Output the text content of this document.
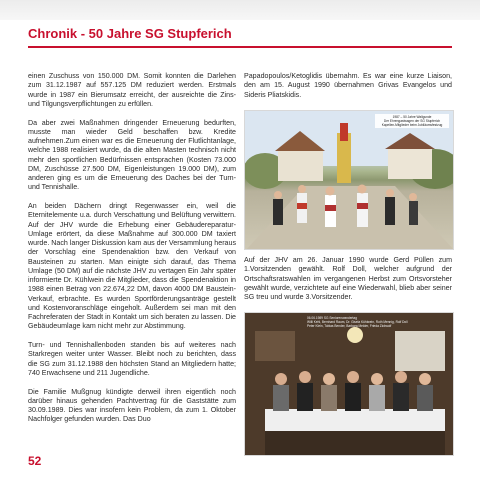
Chronik - 50 Jahre SG Stupferich

einen Zuschuss von 150.000 DM. Somit konnten die Darlehen zum 31.12.1987 auf 557.125 DM reduziert werden. Erstmals wurde in 1987 ein Bierumsatz erreicht, der ausreichte die Zins- und Tilgungsverpflichtungen zu erfüllen.

Da aber zwei Maßnahmen dringender Erneuerung bedurften, musste man wieder Geld beschaffen bzw. Kredite aufnehmen.Zum einen war es die Erneuerung der Flutlichtanlage, welche 1988 realisiert wurde, da die alten Masten technisch nicht mehr den sportlichen Bedürfnissen entsprachen (Kosten 73.000 DM, Zuschüsse 27.500 DM, Eigenleistungen 19.000 DM), zum anderen ging es um die Erneuerung des Daches bei der Turn- und Tennishalle.

An beiden Dächern dringt Regenwasser ein, weil die Eternitelemente u.a. durch Verschattung und Belüftung verwittern. Auf der JHV wurde die Erhebung einer Gebäudereparatur-Umlage erörtert, da diese Maßnahme auf 300.000 DM taxiert wurde. Nach langer Diskussion kam aus der Versammlung heraus der Vorschlag eine Spendenaktion bzw. den Verkauf von Bausteinen zu starten. Man einigte sich darauf, das Thema Umlage (50 DM) auf die nächste JHV zu vertagen Ein Jahr später informierte Dr. Kühlwein die Mitglieder, dass die Spendenaktion in 1988 einen Betrag von 22.674,22 DM, davon 4000 DM Baustein-Verkauf, erbrachte. Es wurden Sportförderungsanträge gestellt und Kostenvoranschläge eingeholt. Außerdem sei man mit den Fachreferaten der Stadt in Kontakt um sich beraten zu lassen. Die Gebäudeumlage kam nicht mehr zur Abstimmung.

Turn- und Tennishallenboden standen bis auf weiteres nach Starkregen weiter unter Wasser. Bleibt noch zu berichten, dass die SG zum 31.12.1988 den höchsten Stand an Mitgliedern hatte; 740 Erwachsene und 211 Jugendliche.

Die Familie Mußgnug kündigte derweil ihren eigentlich noch darüber hinaus gehenden Pachtvertrag für die Gaststätte zum 30.09.1989. Dies war insofern kein Problem, da zum 1. Oktober Nachfolger gefunden wurden. Das Duo

Papadopoulos/Ketoglidis übernahm. Es war eine kurze Liaison, den am 15. August 1990 übernahmen Grivas Evangelos und Sideris Pliatskidis.

1987 – 50 Jahre Wallgunde
Der Ehrengastwagen der SG Stupferich
Kapellen-Mitglieder beim Jubiläumsfestzug

Auf der JHV am 26. Januar 1990 wurde Gerd Püllen zum 1.Vorsitzenden gewählt. Rolf Doll, welcher aufgrund der Ortschaftsratswahlen im vergangenen Herbst zum Ortsvorsteher gewählt wurde, verzichtete auf eine Wiederwahl, blieb aber seiner SG treu und wurde 3.Vorsitzender.

06.06.1989 SG Seniorenwandertag
Willi Kehl, Bernhard Raum, Dr. Gisela Kühlwein, Ruth Mennig, Rolf Doll
Peter Klein, Tobias Bender, Barbara Melder, Frieda Zickwolf
52
